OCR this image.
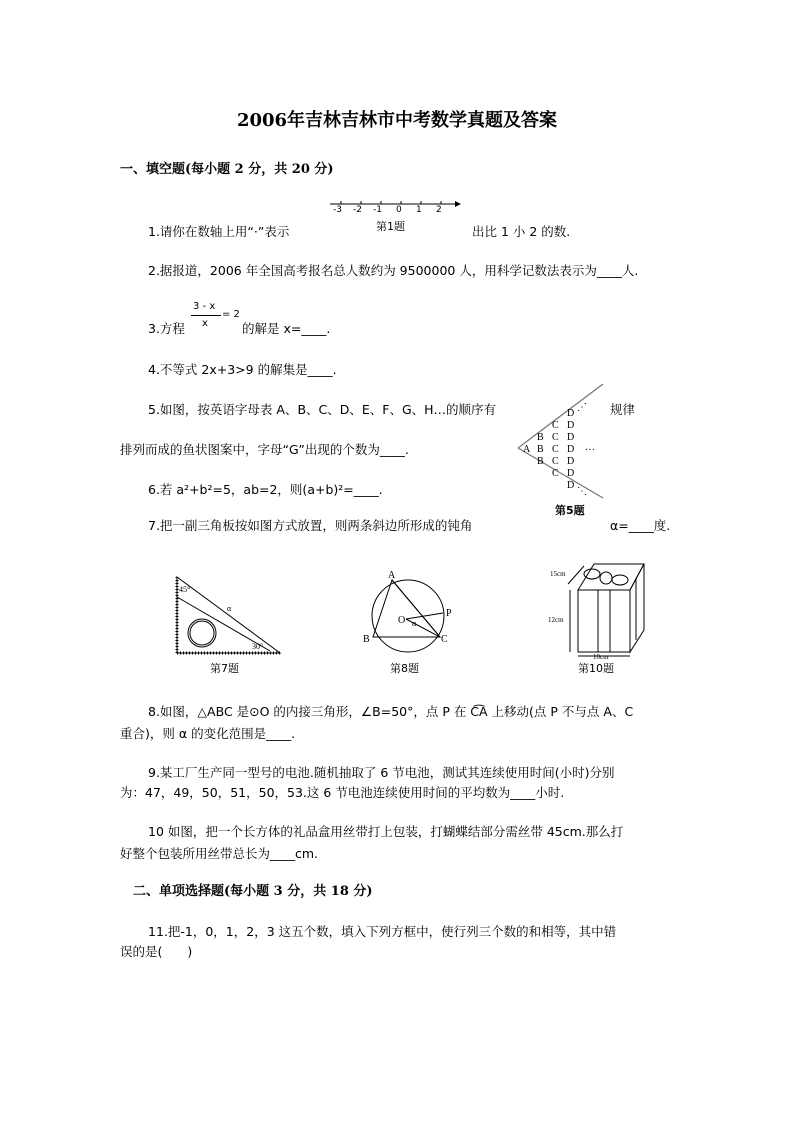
2006年吉林吉林市中考数学真题及答案
一、填空题(每小题 2 分，共 20 分)
-3 -2 -1 0 1 2
第1题
1.请你在数轴上用“·”表示	出比 1 小 2 的数.
2.据报道，2006 年全国高考报名总人数约为 9500000 人，用科学记数法表示为____人.
3.方程
3 - x
x
= 2
的解是 x=____.
4.不等式 2x+3>9 的解集是____.
5.如图，按英语字母表 A、B、C、D、E、F、G、H…的顺序有	规律
排列而成的鱼状图案中，字母“G”出现的个数为____.	A
B
B
B
C
C
C
C
C
D
D
D
D
D
D
D
⋰
…
⋱
第5题
6.若 a²+b²=5，ab=2，则(a+b)²=____.
7.把一副三角板按如图方式放置，则两条斜边所形成的钝角	α=____度.
45°
α
30°
第7题
A
B	C
O
P
α
第8题
15cm
12cm
10cm
第10题
8.如图，△ABC 是⊙O 的内接三角形，∠B=50°，点 P 在 C͡A 上移动(点 P 不与点 A、C
重合)，则 α 的变化范围是____.
9.某工厂生产同一型号的电池.随机抽取了 6 节电池，测试其连续使用时间(小时)分别
为：47，49，50，51，50，53.这 6 节电池连续使用时间的平均数为____小时.
10 如图，把一个长方体的礼品盒用丝带打上包装，打蝴蝶结部分需丝带 45cm.那么打
好整个包装所用丝带总长为____cm.
二、单项选择题(每小题 3 分，共 18 分)
11.把-1，0，1，2，3 这五个数，填入下列方框中，使行列三个数的和相等，其中错
误的是(　　)
